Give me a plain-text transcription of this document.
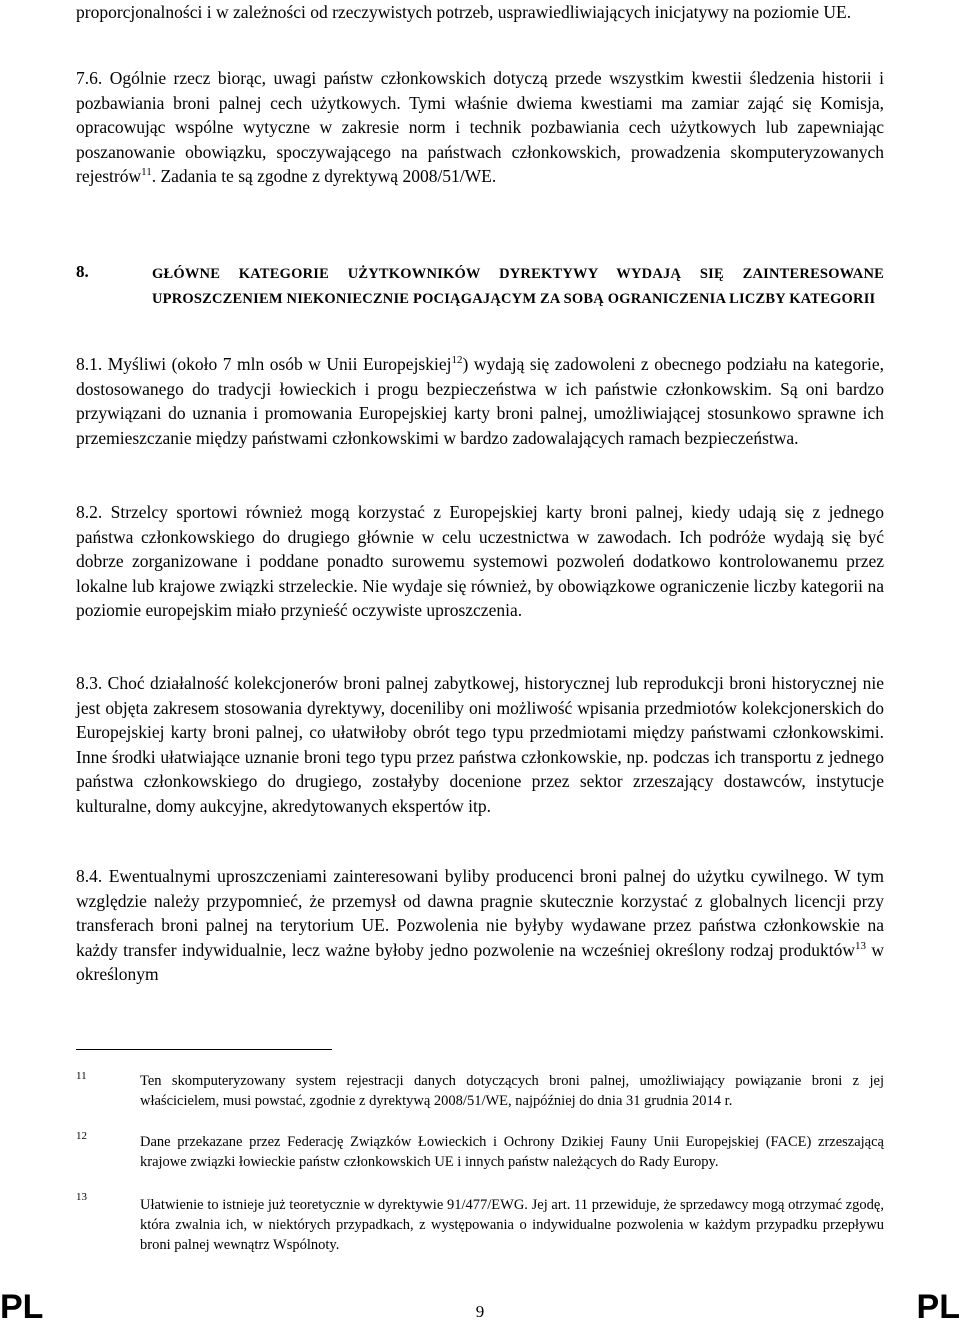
proporcjonalności i w zależności od rzeczywistych potrzeb, usprawiedliwiających inicjatywy na poziomie UE.

7.6. Ogólnie rzecz biorąc, uwagi państw członkowskich dotyczą przede wszystkim kwestii śledzenia historii i pozbawiania broni palnej cech użytkowych. Tymi właśnie dwiema kwestiami ma zamiar zająć się Komisja, opracowując wspólne wytyczne w zakresie norm i technik pozbawiania cech użytkowych lub zapewniając poszanowanie obowiązku, spoczywającego na państwach członkowskich, prowadzenia skomputeryzowanych rejestrów$^{11}$. Zadania te są zgodne z dyrektywą 2008/51/WE.

8.	GŁÓWNE KATEGORIE UŻYTKOWNIKÓW DYREKTYWY WYDAJĄ SIĘ ZAINTERESOWANE UPROSZCZENIEM NIEKONIECZNIE POCIĄGAJĄCYM ZA SOBĄ OGRANICZENIA LICZBY KATEGORII

8.1. Myśliwi (około 7 mln osób w Unii Europejskiej$^{12}$) wydają się zadowoleni z obecnego podziału na kategorie, dostosowanego do tradycji łowieckich i progu bezpieczeństwa w ich państwie członkowskim. Są oni bardzo przywiązani do uznania i promowania Europejskiej karty broni palnej, umożliwiającej stosunkowo sprawne ich przemieszczanie między państwami członkowskimi w bardzo zadowalających ramach bezpieczeństwa.

8.2. Strzelcy sportowi również mogą korzystać z Europejskiej karty broni palnej, kiedy udają się z jednego państwa członkowskiego do drugiego głównie w celu uczestnictwa w zawodach. Ich podróże wydają się być dobrze zorganizowane i poddane ponadto surowemu systemowi pozwoleń dodatkowo kontrolowanemu przez lokalne lub krajowe związki strzeleckie. Nie wydaje się również, by obowiązkowe ograniczenie liczby kategorii na poziomie europejskim miało przynieść oczywiste uproszczenia.

8.3. Choć działalność kolekcjonerów broni palnej zabytkowej, historycznej lub reprodukcji broni historycznej nie jest objęta zakresem stosowania dyrektywy, doceniliby oni możliwość wpisania przedmiotów kolekcjonerskich do Europejskiej karty broni palnej, co ułatwiłoby obrót tego typu przedmiotami między państwami członkowskimi. Inne środki ułatwiające uznanie broni tego typu przez państwa członkowskie, np. podczas ich transportu z jednego państwa członkowskiego do drugiego, zostałyby docenione przez sektor zrzeszający dostawców, instytucje kulturalne, domy aukcyjne, akredytowanych ekspertów itp.

8.4. Ewentualnymi uproszczeniami zainteresowani byliby producenci broni palnej do użytku cywilnego. W tym względzie należy przypomnieć, że przemysł od dawna pragnie skutecznie korzystać z globalnych licencji przy transferach broni palnej na terytorium UE. Pozwolenia nie byłyby wydawane przez państwa członkowskie na każdy transfer indywidualnie, lecz ważne byłoby jedno pozwolenie na wcześniej określony rodzaj produktów$^{13}$ w określonym

11	Ten skomputeryzowany system rejestracji danych dotyczących broni palnej, umożliwiający powiązanie broni z jej właścicielem, musi powstać, zgodnie z dyrektywą 2008/51/WE, najpóźniej do dnia 31 grudnia 2014 r.

12	Dane przekazane przez Federację Związków Łowieckich i Ochrony Dzikiej Fauny Unii Europejskiej (FACE) zrzeszającą krajowe związki łowieckie państw członkowskich UE i innych państw należących do Rady Europy.

13	Ułatwienie to istnieje już teoretycznie w dyrektywie 91/477/EWG. Jej art. 11 przewiduje, że sprzedawcy mogą otrzymać zgodę, która zwalnia ich, w niektórych przypadkach, z występowania o indywidualne pozwolenia w każdym przypadku przepływu broni palnej wewnątrz Wspólnoty.

PL	9	PL
